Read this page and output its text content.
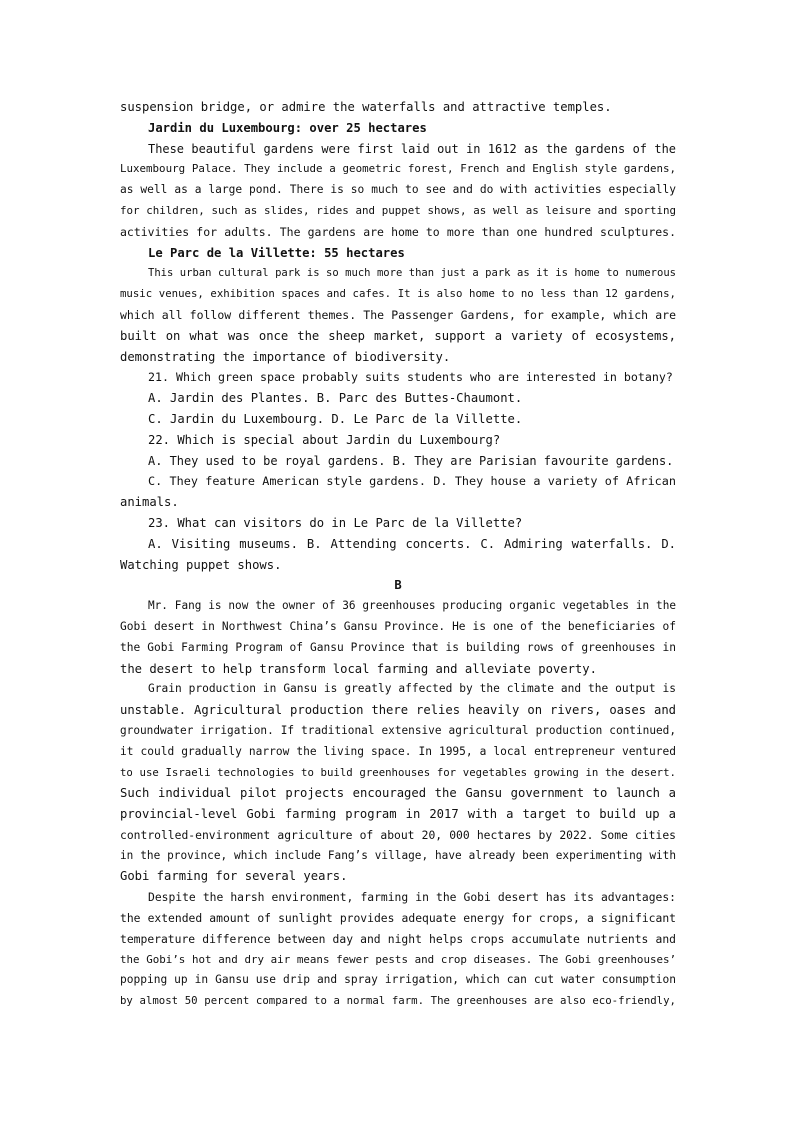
suspension bridge, or admire the waterfalls and attractive temples.
Jardin du Luxembourg: over 25 hectares
These beautiful gardens were first laid out in 1612 as the gardens of the
Luxembourg Palace. They include a geometric forest, French and English style gardens,
as well as a large pond. There is so much to see and do with activities especially
for children, such as slides, rides and puppet shows, as well as leisure and sporting
activities for adults. The gardens are home to more than one hundred sculptures.
Le Parc de la Villette: 55 hectares
This urban cultural park is so much more than just a park as it is home to numerous
music venues, exhibition spaces and cafes. It is also home to no less than 12 gardens,
which all follow different themes. The Passenger Gardens, for example, which are
built on what was once the sheep market, support a variety of ecosystems,
demonstrating the importance of biodiversity.
21. Which green space probably suits students who are interested in botany?
A. Jardin des Plantes. B. Parc des Buttes-Chaumont.
C. Jardin du Luxembourg. D. Le Parc de la Villette.
22. Which is special about Jardin du Luxembourg?
A. They used to be royal gardens. B. They are Parisian favourite gardens.
C. They feature American style gardens. D. They house a variety of African
animals.
23. What can visitors do in Le Parc de la Villette?
A. Visiting museums. B. Attending concerts. C. Admiring waterfalls. D.
Watching puppet shows.
B
Mr. Fang is now the owner of 36 greenhouses producing organic vegetables in the
Gobi desert in Northwest China’s Gansu Province. He is one of the beneficiaries of
the Gobi Farming Program of Gansu Province that is building rows of greenhouses in
the desert to help transform local farming and alleviate poverty.
Grain production in Gansu is greatly affected by the climate and the output is
unstable. Agricultural production there relies heavily on rivers, oases and
groundwater irrigation. If traditional extensive agricultural production continued,
it could gradually narrow the living space. In 1995, a local entrepreneur ventured
to use Israeli technologies to build greenhouses for vegetables growing in the desert.
Such individual pilot projects encouraged the Gansu government to launch a
provincial-level Gobi farming program in 2017 with a target to build up a
controlled-environment agriculture of about 20, 000 hectares by 2022. Some cities
in the province, which include Fang’s village, have already been experimenting with
Gobi farming for several years.
Despite the harsh environment, farming in the Gobi desert has its advantages:
the extended amount of sunlight provides adequate energy for crops, a significant
temperature difference between day and night helps crops accumulate nutrients and
the Gobi’s hot and dry air means fewer pests and crop diseases. The Gobi greenhouses’
popping up in Gansu use drip and spray irrigation, which can cut water consumption
by almost 50 percent compared to a normal farm. The greenhouses are also eco-friendly,
